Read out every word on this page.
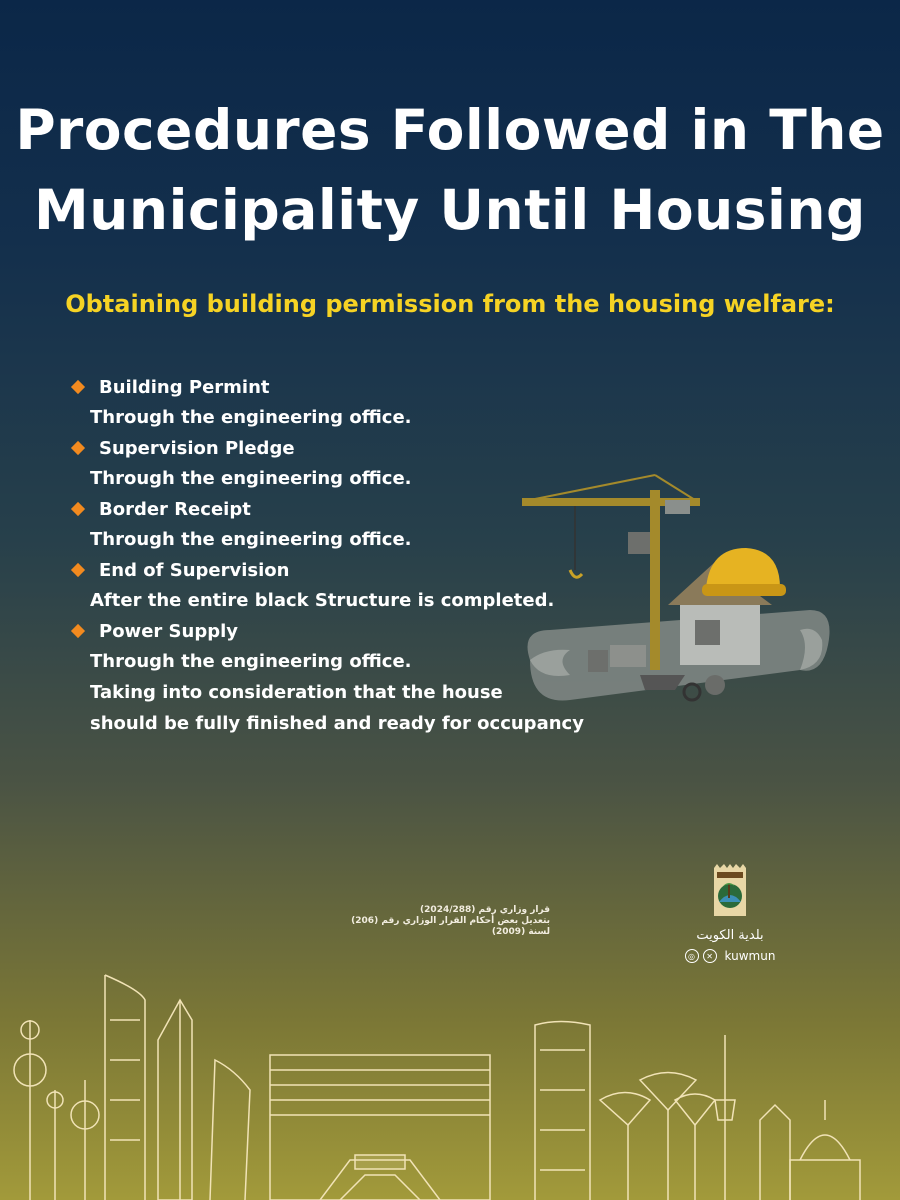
Procedures Followed in The
Municipality Until Housing
Obtaining building permission from the housing welfare:
Building Permint
Through the engineering office.
Supervision Pledge
Through the engineering office.
Border Receipt
Through the engineering office.
End of Supervision
After the entire black Structure is completed.
Power Supply
Through the engineering office.
Taking into consideration that the house
should be fully finished and ready for occupancy
قرار وزاري رقم (2024/288)
بتعديل بعض أحكام القرار الوزاري رقم (206)
لسنة (2009)	بلدية الكويت
◎	✕ kuwmun
